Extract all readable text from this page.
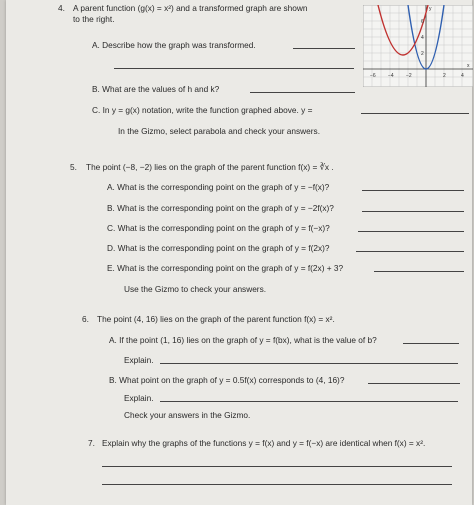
4. A parent function (g(x) = x²) and a transformed graph are shown
to the right.
A. Describe how the graph was transformed.
B. What are the values of h and k?
C. In y = g(x) notation, write the function graphed above. y =
In the Gizmo, select parabola and check your answers.
x
y
−6 −4 −2	2	4
6
4
2
5. The point (−8, −2) lies on the graph of the parent function f(x) = ∛x .
A. What is the corresponding point on the graph of y = −f(x)?
B. What is the corresponding point on the graph of y = −2f(x)?
C. What is the corresponding point on the graph of y = f(−x)?
D. What is the corresponding point on the graph of y = f(2x)?
E. What is the corresponding point on the graph of y = f(2x) + 3?
Use the Gizmo to check your answers.
6. The point (4, 16) lies on the graph of the parent function f(x) = x².
A. If the point (1, 16) lies on the graph of y = f(bx), what is the value of b?
Explain.
B. What point on the graph of y = 0.5f(x) corresponds to (4, 16)?
Explain.
Check your answers in the Gizmo.
7. Explain why the graphs of the functions y = f(x) and y = f(−x) are identical when f(x) = x².
